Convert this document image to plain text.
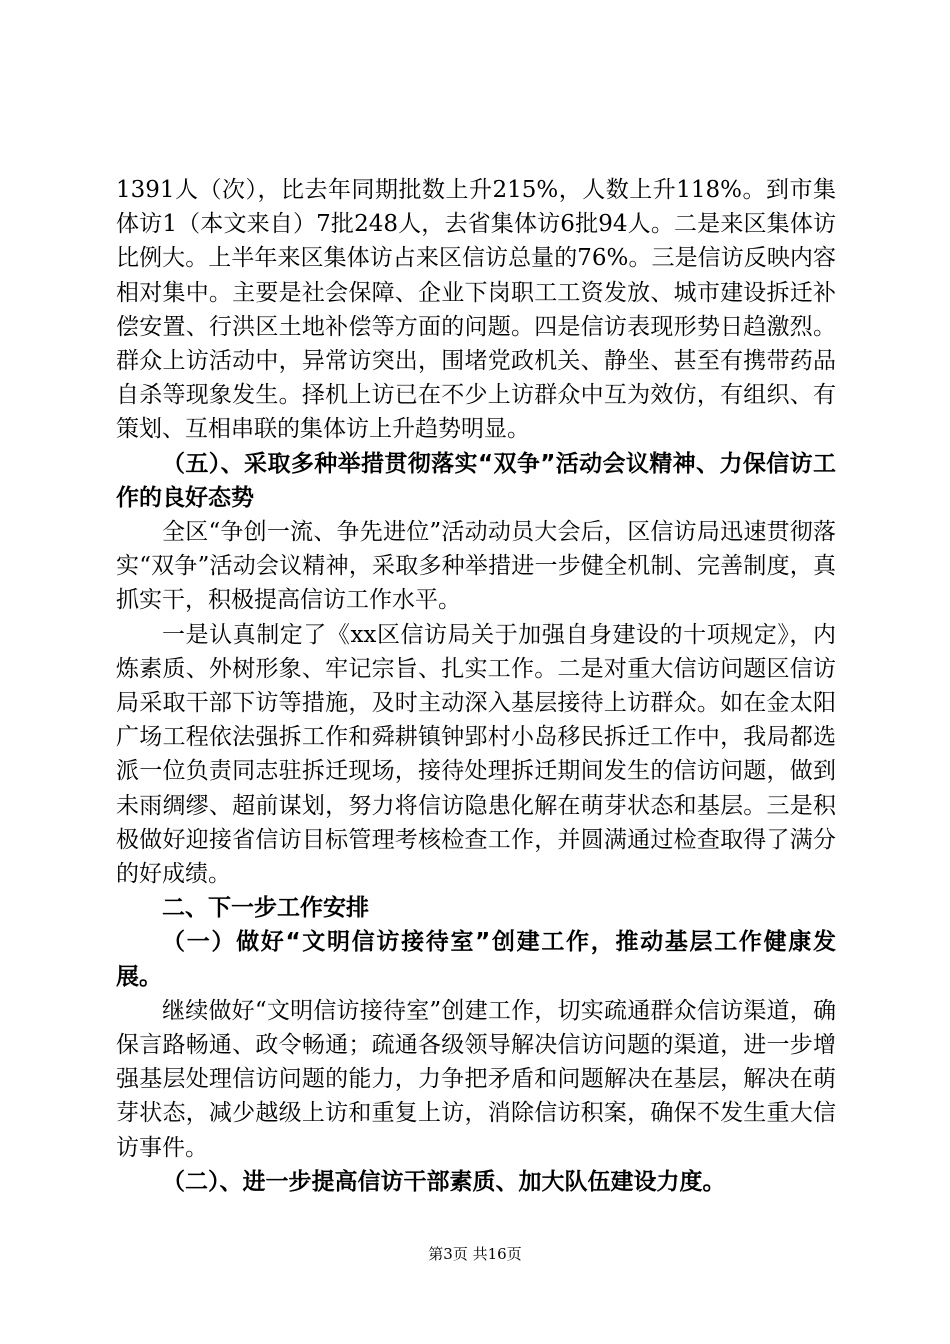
1391人（次），比去年同期批数上升215%，人数上升118%。到市集体访1（本文来自）7批248人，去省集体访6批94人。二是来区集体访比例大。上半年来区集体访占来区信访总量的76%。三是信访反映内容相对集中。主要是社会保障、企业下岗职工工资发放、城市建设拆迁补偿安置、行洪区土地补偿等方面的问题。四是信访表现形势日趋激烈。群众上访活动中，异常访突出，围堵党政机关、静坐、甚至有携带药品自杀等现象发生。择机上访已在不少上访群众中互为效仿，有组织、有策划、互相串联的集体访上升趋势明显。

（五）、采取多种举措贯彻落实“双争”活动会议精神、力保信访工作的良好态势

全区“争创一流、争先进位”活动动员大会后，区信访局迅速贯彻落实“双争”活动会议精神，采取多种举措进一步健全机制、完善制度，真抓实干，积极提高信访工作水平。

一是认真制定了《xx区信访局关于加强自身建设的十项规定》，内炼素质、外树形象、牢记宗旨、扎实工作。二是对重大信访问题区信访局采取干部下访等措施，及时主动深入基层接待上访群众。如在金太阳广场工程依法强拆工作和舜耕镇钟郢村小岛移民拆迁工作中，我局都选派一位负责同志驻拆迁现场，接待处理拆迁期间发生的信访问题，做到未雨绸缪、超前谋划，努力将信访隐患化解在萌芽状态和基层。三是积极做好迎接省信访目标管理考核检查工作，并圆满通过检查取得了满分的好成绩。

二、下一步工作安排

（一）做好“文明信访接待室”创建工作，推动基层工作健康发展。

继续做好“文明信访接待室”创建工作，切实疏通群众信访渠道，确保言路畅通、政令畅通；疏通各级领导解决信访问题的渠道，进一步增强基层处理信访问题的能力，力争把矛盾和问题解决在基层，解决在萌芽状态，减少越级上访和重复上访，消除信访积案，确保不发生重大信访事件。

（二）、进一步提高信访干部素质、加大队伍建设力度。

第3页 共16页
